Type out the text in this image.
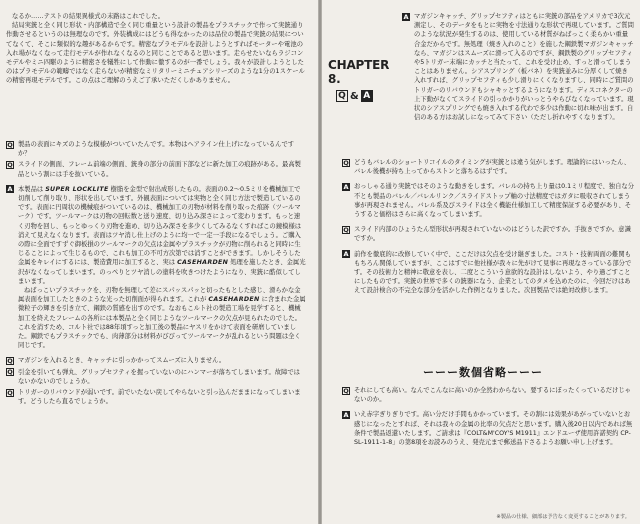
なるか……テストの結果異様式の末路はこれでした。

結局実銃と全く同じ形状・内部構造で全く同じ重量という設計の製品をプラスチックで作って実銃通り作動させるというのは無理なのです。外装構成にはどうも得なかったのは品位の製品で実銃の結果についてなくて、そこに類似的な趣があるからです。精密なプラモデルを設計しようとすればモーターや電池の入れ場がなくなって走行モデルが作れなくなるのと同じことであると思います。走らせたいならラジコンモデルやミニ四駆のように精密さを犠牲にして作動に徹するのが一番でしょう。我々が設計しようとしたのはプラモデルの範疇ではなく走らないが精密なミリタリーミニチュアシリーズのような1分の1スケールの精密再現モデルです。この点はご理解のうえご了承いただくしかありません。

Q 製品の表面にキズのような模様がついていたんです。本物はヘアライン仕上げになっているんですか？

Q スライドの側面、フレーム前端の側面、銃身の部分の前面下部などに新た加工の痕跡がある。最高製品という割には手を抜いている。

A 本製品は SUPER LOCKLITE 樹脂を金型で射出成形したもの。表面の0.2〜0.5ミリを機械加工で切削して削り取り、形状を出しています。外観表面については実物と全く同じ方法で製造しているのです。表面に円周状の機械痕がついているのは、機械加工の刃物が材料を削り取った痕跡（ツールマーク）です。ツールマークは刃物の回転数と送り速度、切り込み深さによって変わります。もっと速く刃物を回し、もっとゆっくり刃物を進め、切り込み深さを多少くしてみるなくすればこの鏡模様は消えて見えなくなります。表面はツヤ消し仕上げのように均一で一定一手段になるでしょう。ご購入の際に全面ですずぐ御板損のツールマークの欠点は金属やプラスチックが刃物に削られると同時に生じることによって生じるもので、これも加工の不可方次第では消すことができます。しかしそうした金属をキレイにするには、製造費用に加工すると、実は CASEHARDEN 処理を施したとき、金属光沢がなくなってしまいます。のっぺりとツヤ消しの塗料を吹きつけたようになり、実銃に酷似してしまいます。

ねばっこいプラスチックを、刃物を無理して差にスパッスパッと切ったもとした感じ、滑らかな金属表面を加工したときのような光った切削面が得られます。これが CASEHARDEN に含まれた金属微粒子の輝きを引き立て、鋼鉄の質感を出すのです。なおもこルト社の製造工場を見学すると、機械加工を終えたフレームの各所には本製品と全く同じようなツールマークの欠点が見られたのでした。これを消すため、コルト社では88年頃すっと加工後の製品にヤスリをかけて表面を研磨していました。鋼鉄でもプラスチックでも、肉薄部分は材料がびびってツールマークが乱れるという問題は全く同じです。

Q マガジンを入れるとき、キャッチに引っかかってスムーズに入りません。

Q 引金を引いても弾丸、グリップセフティを握っていないのにハンマーが落ちてしまいます。故障ではないかないのでしょうか。

Q トリガーのリバウンドが弱いです。前でいたない戻してやらないと引っ込んだままになってしまいます。どうしたら直るでしょうか。

CHAPTER 8.
Q & A
A マガジンキャッチ、グリップセフティはともに実銃の部品をアメリカで3次元測定し、そのデータをもとに実物を寸法通りな形状で再現しています。ご質問のような状況が発生するのは、使用している材質がねばっこく柔らかい重量合金だからです。無処理（焼き入れのこと）を施した鋼鉄製マガジンキャッチなら、マガジンはスムーズに滑って入るのですが、鋼鉄製のグリップセフティや5トリガー末端にカッチと当たって、これを受け止め、すっと滑ってしまうことはありません。シアスプリング（板バネ）を実銃並みに分厚くして焼き入れすれば、グリップセフティも少し滑りにくくなりますし、同時にご質問のトリガーのリバウンドもシャキッとするようになります。ディスコネクターの上下動がなくてスライドの引っかかりがいっとうやらびなくなっています。現状のシアスプリングでも焼き入れする代わで多少は作動に切れ味が出ます。自信のある方はお試しになってみて下さい（ただし折れやすくなります）。

Q どうもバレルのショートリコイルのタイミングが実銃とは違う気がします。理論的にはいったん、バレル後機が持ち上ってからストンと落ちるはずです。

A おっしゃる通り実銃ではそのような動きをします。バレルの持ち上り量は0.1ミリ程度で、独自な分不とも製品のバレル／バレルリンク／スライドストップ軸の寸法精度ではガタに吸収されてしまう事が再現されません。バレル系及びスライドは全く機能仕様加工して精度保証する必要があり、そうすると価格はさらに高くなってしまいます。

Q スライド内部のひょうたん型形状が再現されていないのはどうした訳ですか。手抜きですか。意識ですか。

A 前作を徹底的に改修していく中で、ここだけは欠点を受け継ぎました。コスト・技術両面の難関ももちろん関係していますが、ここはすでに他社様が我々に先がけて見事に再現なさっている部分です。その技術力と精神に敬意を表し、二度とこういう意欲的な設計はしないよう、やり過ごすことにしたものです。実銃の世界で多くの銃器になう、企業としてのタメを込めたのに、今回だけはあえて設計検合の不完全な部分を活かした作例となりました。次回製品では絶対改修します。

ーーー数個省略ーーー
Q それにしても高い。なんでこんなに高いのか全然わからない。要するにぼったくっているだけじゃないのか。

A いえ赤字ぎりぎりです。高い分だけ手間もかかっています。その割には効果があがっていないとお感じになったとすれば、それは我々の金属の比率の欠点だと思います。購入後20日以内であれば無条件で製品返還いたします。ご請求は『COLT&M'COY'S M1911』エンドユーザ使用許諾契約 CP-SL-1911-1-8」の第8項をお読みのうえ、発売元まで郵送品下さるようお願い申し上げます。

※製品の仕様、細部は予告なく変更することがあります。
